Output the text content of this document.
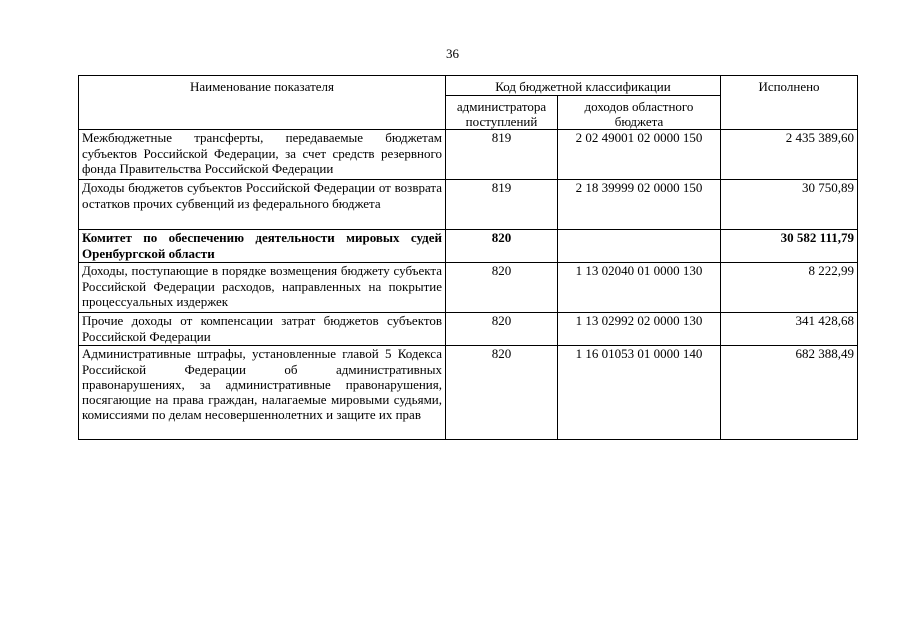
36
Наименование показателя	Код бюджетной классификации		Исполнено
	администратора поступлений	доходов областного бюджета	
Межбюджетные трансферты, передаваемые бюджетам субъектов Российской Федерации, за счет средств резервного фонда Правительства Российской Федерации	819	2 02 49001 02 0000 150	2 435 389,60
Доходы бюджетов субъектов Российской Федерации от возврата остатков прочих субвенций из федерального бюджета	819	2 18 39999 02 0000 150	30 750,89
Комитет по обеспечению деятельности мировых судей Оренбургской области	820		30 582 111,79
Доходы, поступающие в порядке возмещения бюджету субъекта Российской Федерации расходов, направленных на покрытие процессуальных издержек	820	1 13 02040 01 0000 130	8 222,99
Прочие доходы от компенсации затрат бюджетов субъектов Российской Федерации	820	1 13 02992 02 0000 130	341 428,68
Административные штрафы, установленные главой 5 Кодекса Российской Федерации об административных правонарушениях, за административные правонарушения, посягающие на права граждан, налагаемые мировыми судьями, комиссиями по делам несовершеннолетних и защите их прав	820	1 16 01053 01 0000 140	682 388,49
